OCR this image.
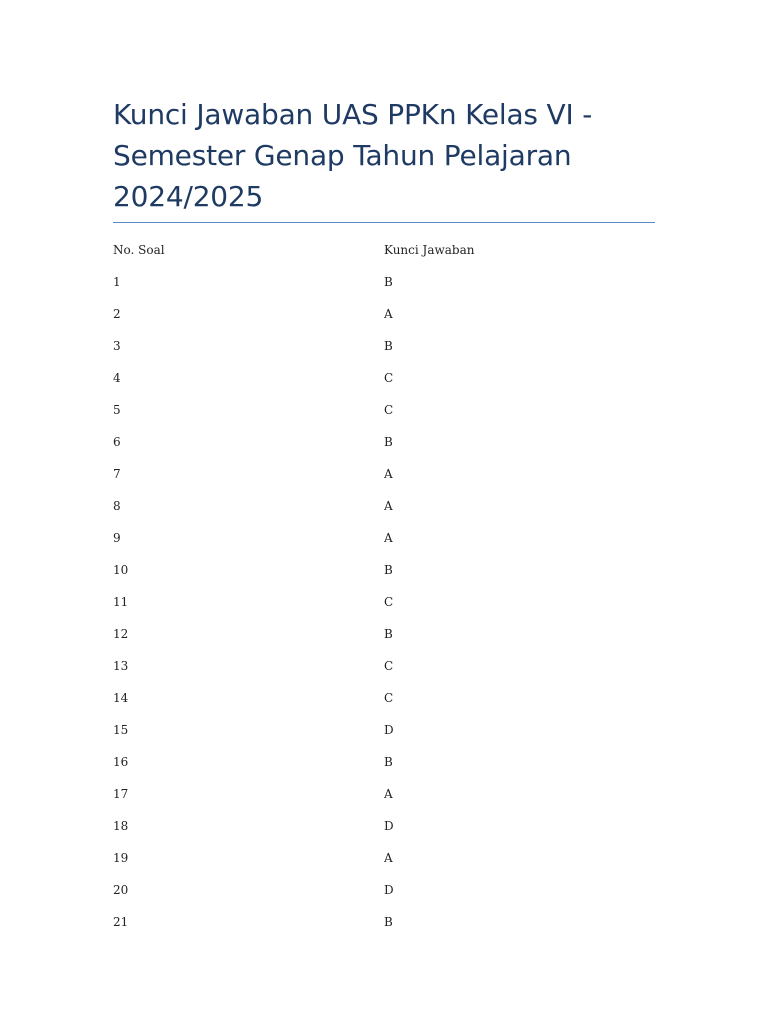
Kunci Jawaban UAS PPKn Kelas VI - Semester Genap Tahun Pelajaran 2024/2025
No. Soal	Kunci Jawaban
1	B
2	A
3	B
4	C
5	C
6	B
7	A
8	A
9	A
10	B
11	C
12	B
13	C
14	C
15	D
16	B
17	A
18	D
19	A
20	D
21	B
